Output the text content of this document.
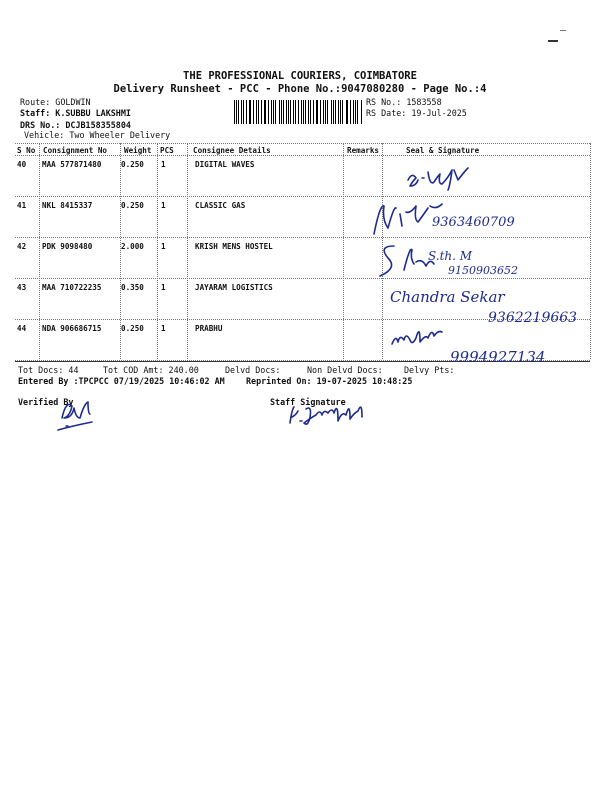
THE PROFESSIONAL COURIERS, COIMBATORE
Delivery Runsheet - PCC - Phone No.:9047080280 - Page No.:4
Route: GOLDWIN
Staff: K.SUBBU LAKSHMI
DRS No.: DCJB158355804
Vehicle: Two Wheeler Delivery
RS No.: 1583558
RS Date: 19-Jul-2025
S No Consignment No Weight PCS	Consignee Details	Remarks	Seal & Signature
40 MAA 577871480	0.250 1	DIGITAL WAVES
41 NKL 8415337	0.250 1	CLASSIC GAS
42 PDK 9098480	2.000 1	KRISH MENS HOSTEL
43 MAA 710722235	0.350 1	JAYARAM LOGISTICS
44 NDA 906686715	0.250 1	PRABHU
Tot Docs: 44	Tot COD Amt: 240.00	Delvd Docs:	Non Delvd Docs:	Delvy Pts:
Entered By :TPCPCC 07/19/2025 10:46:02 AM	Reprinted On: 19-07-2025 10:48:25
Verified By	Staff Signature
9363460709
S.th. M
9150903652
Chandra Sekar
9362219663
9994927134
